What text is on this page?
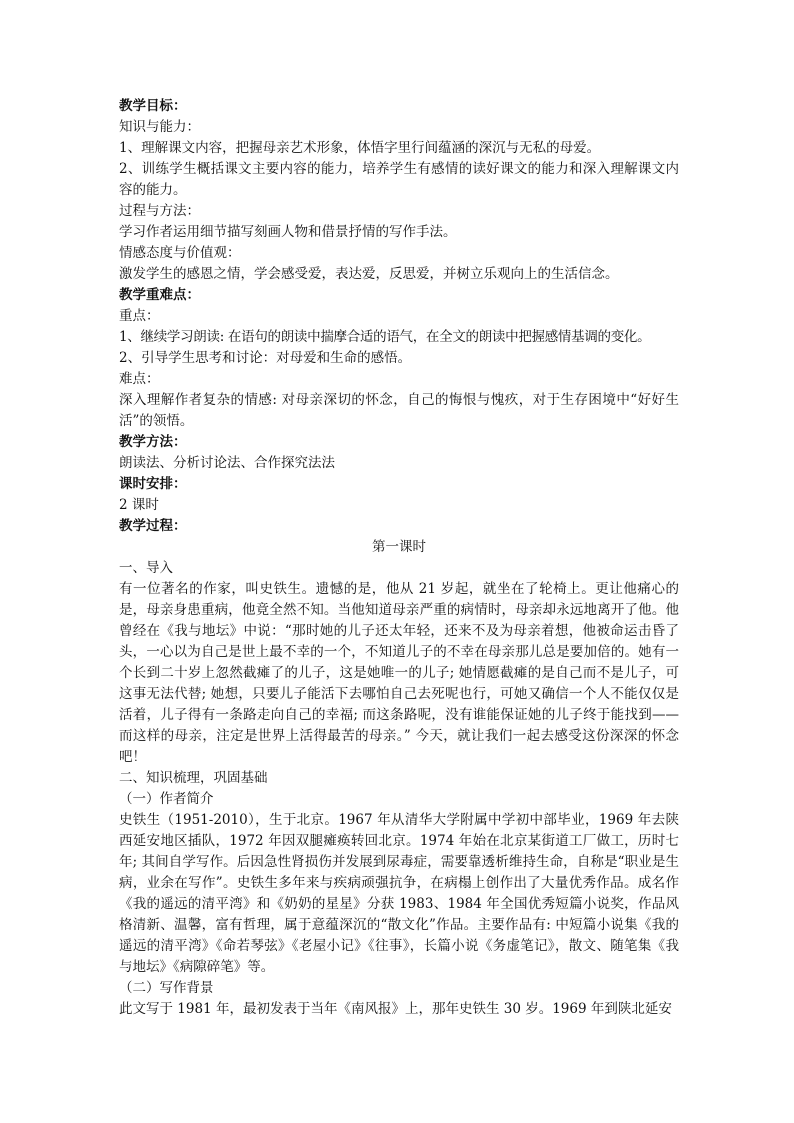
教学目标：

知识与能力：

1、理解课文内容，把握母亲艺术形象，体悟字里行间蕴涵的深沉与无私的母爱。

2、训练学生概括课文主要内容的能力，培养学生有感情的读好课文的能力和深入理解课文内容的能力。

过程与方法：

学习作者运用细节描写刻画人物和借景抒情的写作手法。

情感态度与价值观：

激发学生的感恩之情，学会感受爱，表达爱，反思爱，并树立乐观向上的生活信念。

教学重难点：

重点：

1、继续学习朗读: 在语句的朗读中揣摩合适的语气，在全文的朗读中把握感情基调的变化。

2、引导学生思考和讨论：对母爱和生命的感悟。

难点：

深入理解作者复杂的情感: 对母亲深切的怀念，自己的悔恨与愧疚，对于生存困境中“好好生活”的领悟。

教学方法：

朗读法、分析讨论法、合作探究法法

课时安排：

2 课时

教学过程：

第一课时

一、导入

有一位著名的作家，叫史铁生。遗憾的是，他从 21 岁起，就坐在了轮椅上。更让他痛心的是，母亲身患重病，他竟全然不知。当他知道母亲严重的病情时，母亲却永远地离开了他。他曾经在《我与地坛》中说：“那时她的儿子还太年轻，还来不及为母亲着想，他被命运击昏了头，一心以为自己是世上最不幸的一个，不知道儿子的不幸在母亲那儿总是要加倍的。她有一个长到二十岁上忽然截瘫了的儿子，这是她唯一的儿子; 她情愿截瘫的是自己而不是儿子，可这事无法代替; 她想，只要儿子能活下去哪怕自己去死呢也行，可她又确信一个人不能仅仅是活着，儿子得有一条路走向自己的幸福; 而这条路呢，没有谁能保证她的儿子终于能找到——而这样的母亲，注定是世界上活得最苦的母亲。” 今天，就让我们一起去感受这份深深的怀念吧！

二、知识梳理，巩固基础

（一）作者简介

史铁生（1951-2010），生于北京。1967 年从清华大学附属中学初中部毕业，1969 年去陕西延安地区插队，1972 年因双腿瘫痪转回北京。1974 年始在北京某街道工厂做工，历时七年; 其间自学写作。后因急性肾损伤并发展到尿毒症，需要靠透析维持生命，自称是“职业是生病，业余在写作”。史铁生多年来与疾病顽强抗争，在病榻上创作出了大量优秀作品。成名作《我的遥远的清平湾》和《奶奶的星星》分获 1983、1984 年全国优秀短篇小说奖，作品风格清新、温馨，富有哲理，属于意蕴深沉的“散文化”作品。主要作品有: 中短篇小说集《我的遥远的清平湾》《命若琴弦》《老屋小记》《往事》，长篇小说《务虚笔记》，散文、随笔集《我与地坛》《病隙碎笔》等。

（二）写作背景

此文写于 1981 年，最初发表于当年《南风报》上，那年史铁生 30 岁。1969 年到陕北延安
